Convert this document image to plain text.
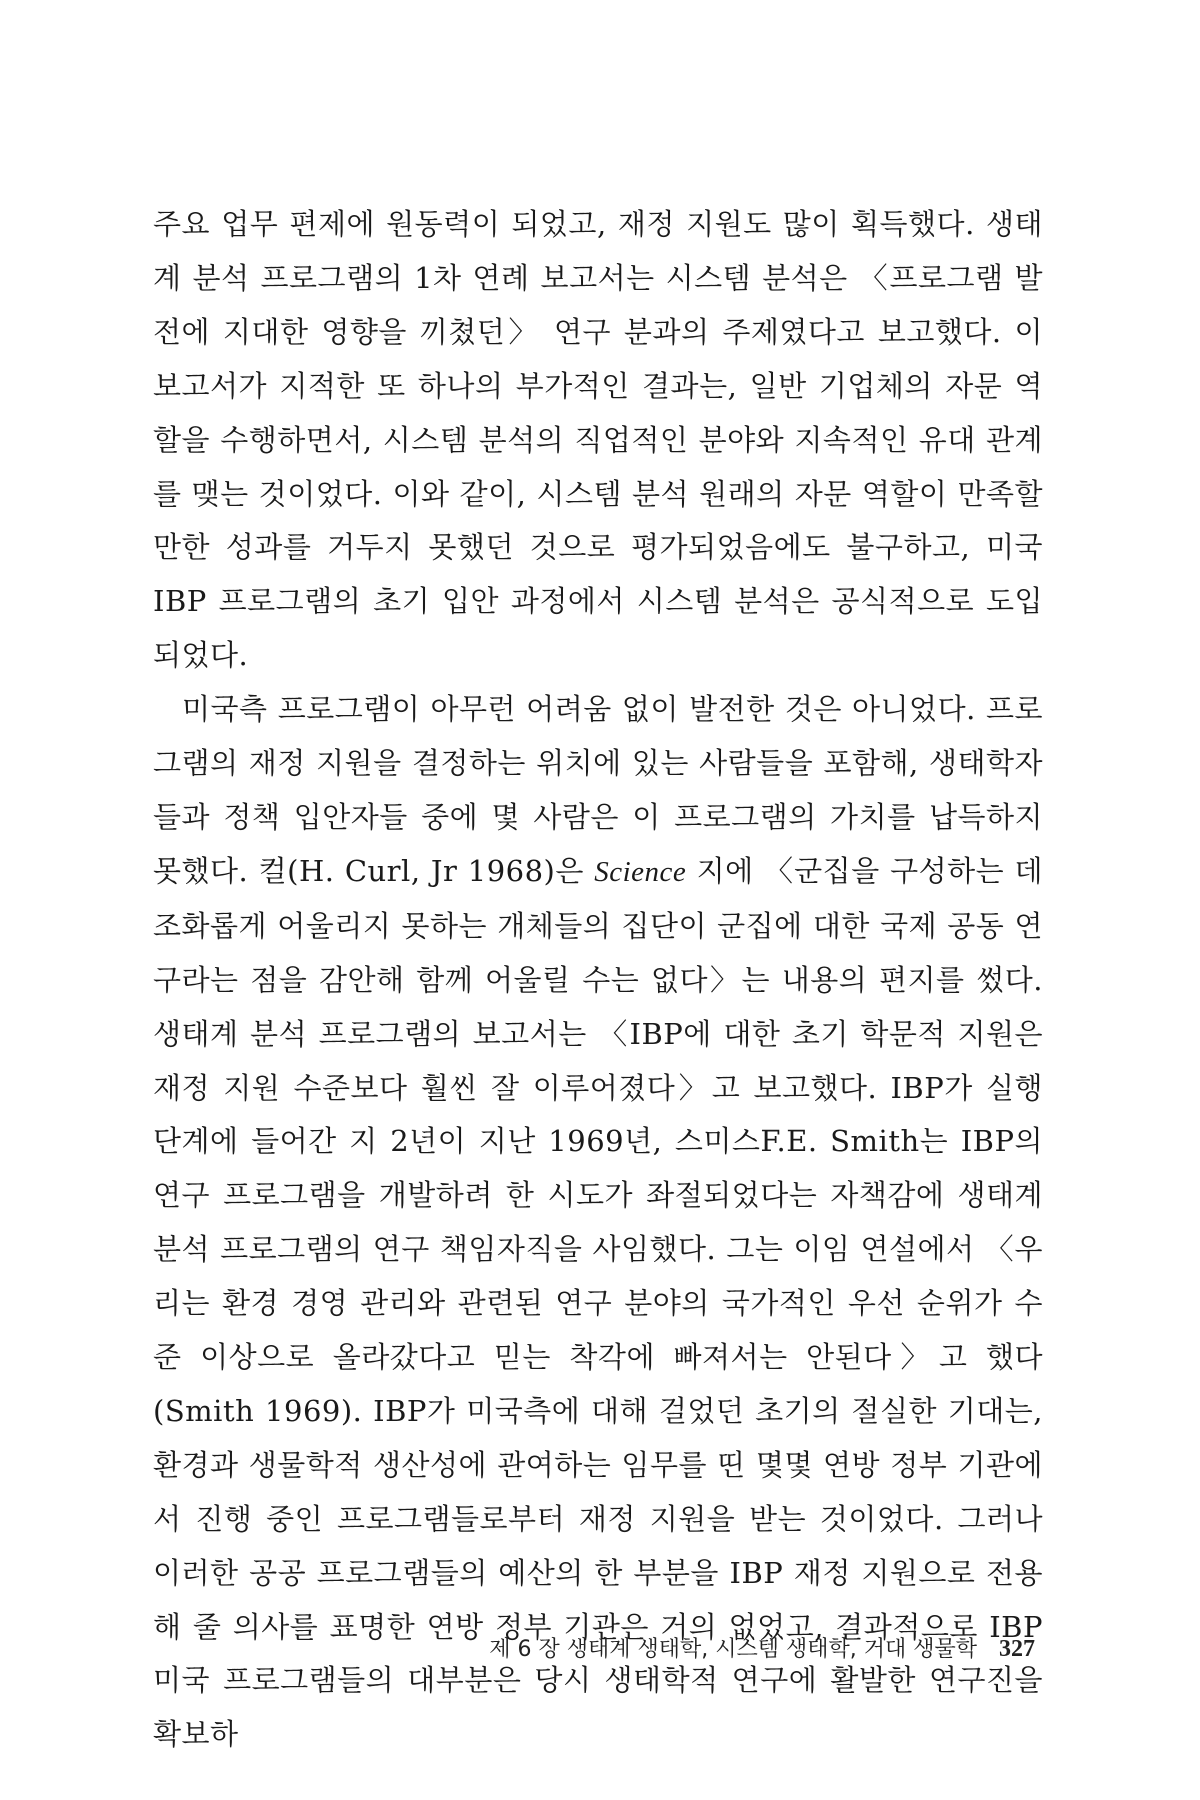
주요 업무 편제에 원동력이 되었고, 재정 지원도 많이 획득했다. 생태계 분석 프로그램의 1차 연례 보고서는 시스템 분석은 〈프로그램 발전에 지대한 영향을 끼쳤던〉 연구 분과의 주제였다고 보고했다. 이 보고서가 지적한 또 하나의 부가적인 결과는, 일반 기업체의 자문 역할을 수행하면서, 시스템 분석의 직업적인 분야와 지속적인 유대 관계를 맺는 것이었다. 이와 같이, 시스템 분석 원래의 자문 역할이 만족할 만한 성과를 거두지 못했던 것으로 평가되었음에도 불구하고, 미국 IBP 프로그램의 초기 입안 과정에서 시스템 분석은 공식적으로 도입되었다.

미국측 프로그램이 아무런 어려움 없이 발전한 것은 아니었다. 프로그램의 재정 지원을 결정하는 위치에 있는 사람들을 포함해, 생태학자들과 정책 입안자들 중에 몇 사람은 이 프로그램의 가치를 납득하지 못했다. 컬(H. Curl, Jr 1968)은 Science 지에 〈군집을 구성하는 데 조화롭게 어울리지 못하는 개체들의 집단이 군집에 대한 국제 공동 연구라는 점을 감안해 함께 어울릴 수는 없다〉는 내용의 편지를 썼다. 생태계 분석 프로그램의 보고서는 〈IBP에 대한 초기 학문적 지원은 재정 지원 수준보다 훨씬 잘 이루어졌다〉고 보고했다. IBP가 실행 단계에 들어간 지 2년이 지난 1969년, 스미스F.E. Smith는 IBP의 연구 프로그램을 개발하려 한 시도가 좌절되었다는 자책감에 생태계 분석 프로그램의 연구 책임자직을 사임했다. 그는 이임 연설에서 〈우리는 환경 경영 관리와 관련된 연구 분야의 국가적인 우선 순위가 수준 이상으로 올라갔다고 믿는 착각에 빠져서는 안된다〉고 했다(Smith 1969). IBP가 미국측에 대해 걸었던 초기의 절실한 기대는, 환경과 생물학적 생산성에 관여하는 임무를 띤 몇몇 연방 정부 기관에서 진행 중인 프로그램들로부터 재정 지원을 받는 것이었다. 그러나 이러한 공공 프로그램들의 예산의 한 부분을 IBP 재정 지원으로 전용해 줄 의사를 표명한 연방 정부 기관은 거의 없었고, 결과적으로 IBP 미국 프로그램들의 대부분은 당시 생태학적 연구에 활발한 연구진을 확보하

제 6 장 생태계 생태학, 시스템 생태학, 거대 생물학 327
